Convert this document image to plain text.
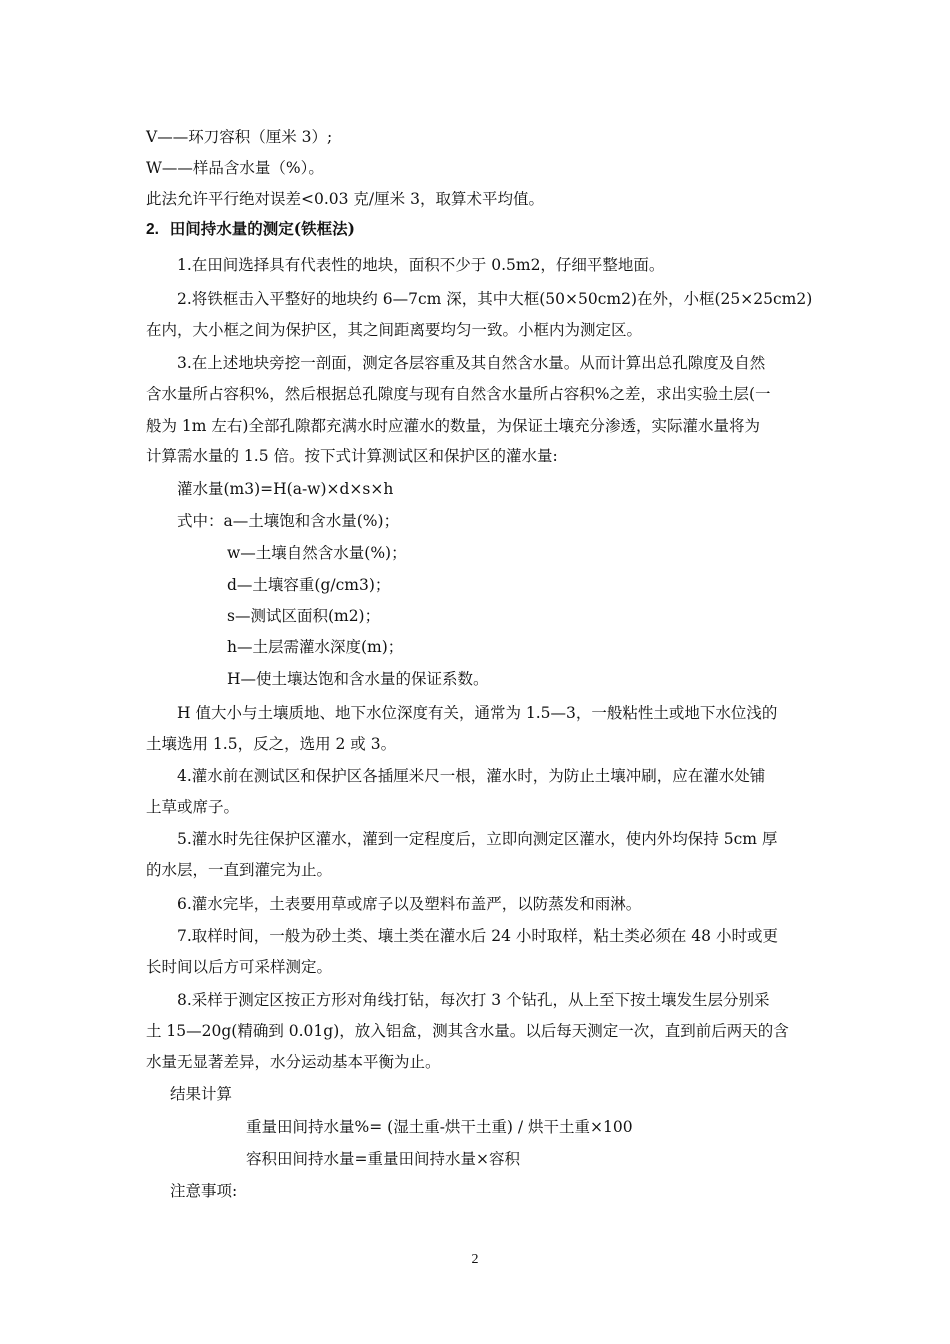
V——环刀容积（厘米 3）;
W——样品含水量（%）。
此法允许平行绝对误差<0.03 克/厘米 3，取算术平均值。
2. 田间持水量的测定(铁框法)
1.在田间选择具有代表性的地块，面积不少于 0.5m2，仔细平整地面。
2.将铁框击入平整好的地块约 6—7cm 深，其中大框(50×50cm2)在外，小框(25×25cm2)
在内，大小框之间为保护区，其之间距离要均匀一致。小框内为测定区。
3.在上述地块旁挖一剖面，测定各层容重及其自然含水量。从而计算出总孔隙度及自然
含水量所占容积%，然后根据总孔隙度与现有自然含水量所占容积%之差，求出实验土层(一
般为 1m 左右)全部孔隙都充满水时应灌水的数量，为保证土壤充分渗透，实际灌水量将为
计算需水量的 1.5 倍。按下式计算测试区和保护区的灌水量:
灌水量(m3)=H(a-w)×d×s×h
式中：a—土壤饱和含水量(%)；
w—土壤自然含水量(%)；
d—土壤容重(g/cm3)；
s—测试区面积(m2)；
h—土层需灌水深度(m)；
H—使土壤达饱和含水量的保证系数。
H 值大小与土壤质地、地下水位深度有关，通常为 1.5—3，一般粘性土或地下水位浅的
土壤选用 1.5，反之，选用 2 或 3。
4.灌水前在测试区和保护区各插厘米尺一根，灌水时，为防止土壤冲刷，应在灌水处铺
上草或席子。
5.灌水时先往保护区灌水，灌到一定程度后，立即向测定区灌水，使内外均保持 5cm 厚
的水层，一直到灌完为止。
6.灌水完毕，土表要用草或席子以及塑料布盖严，以防蒸发和雨淋。
7.取样时间，一般为砂土类、壤土类在灌水后 24 小时取样，粘土类必须在 48 小时或更
长时间以后方可采样测定。
8.采样于测定区按正方形对角线打钻，每次打 3 个钻孔，从上至下按土壤发生层分别采
土 15—20g(精确到 0.01g)，放入铝盒，测其含水量。以后每天测定一次，直到前后两天的含
水量无显著差异，水分运动基本平衡为止。
结果计算
重量田间持水量%= (湿土重-烘干土重) / 烘干土重×100
容积田间持水量=重量田间持水量×容积
注意事项:
2
